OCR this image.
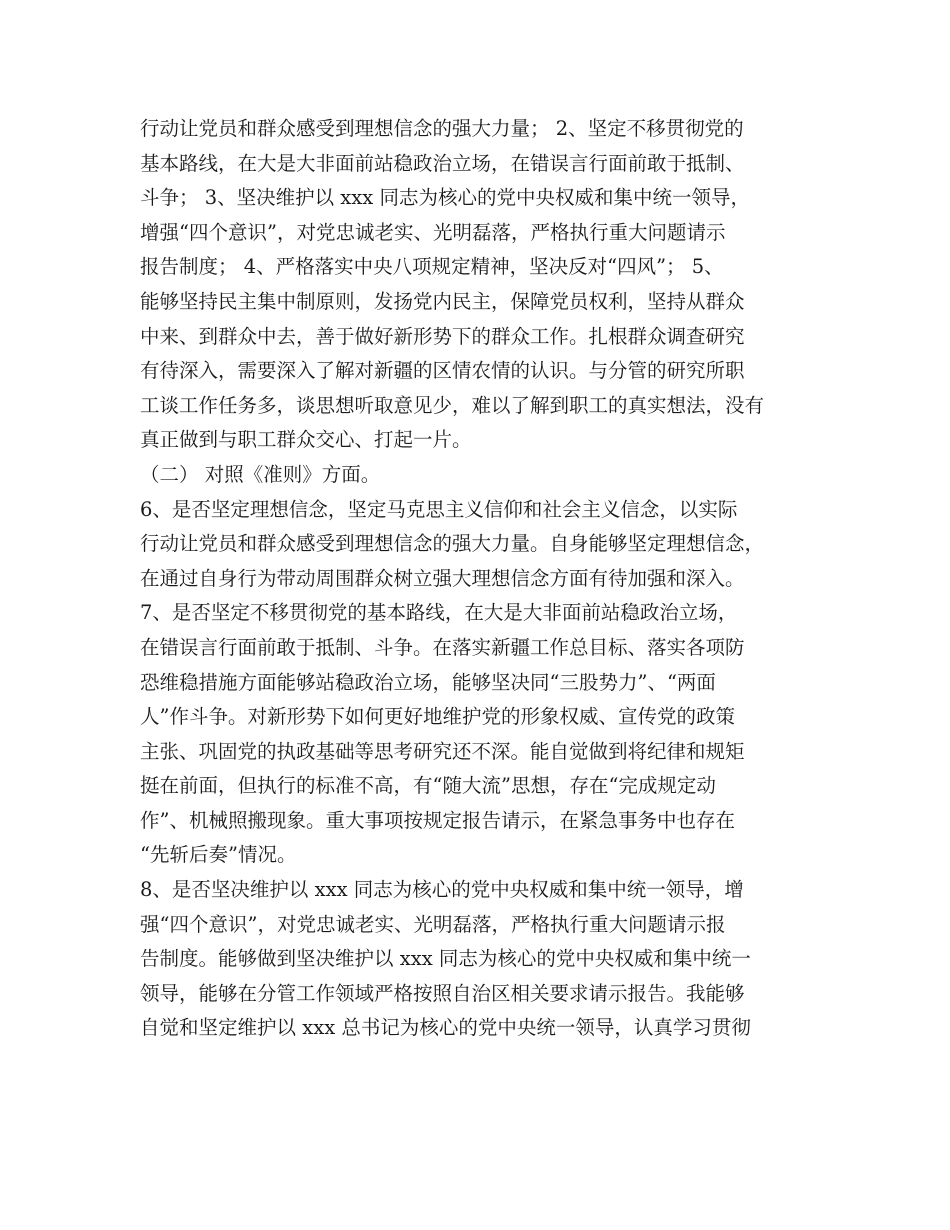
行动让党员和群众感受到理想信念的强大力量； 2、坚定不移贯彻党的
基本路线，在大是大非面前站稳政治立场，在错误言行面前敢于抵制、
斗争； 3、坚决维护以 xxx 同志为核心的党中央权威和集中统一领导，
增强“四个意识”，对党忠诚老实、光明磊落，严格执行重大问题请示
报告制度； 4、严格落实中央八项规定精神，坚决反对“四风”； 5、
能够坚持民主集中制原则，发扬党内民主，保障党员权利，坚持从群众
中来、到群众中去，善于做好新形势下的群众工作。扎根群众调查研究
有待深入，需要深入了解对新疆的区情农情的认识。与分管的研究所职
工谈工作任务多，谈思想听取意见少，难以了解到职工的真实想法，没有
真正做到与职工群众交心、打起一片。
（二） 对照《准则》方面。
6、是否坚定理想信念，坚定马克思主义信仰和社会主义信念，以实际
行动让党员和群众感受到理想信念的强大力量。自身能够坚定理想信念，
在通过自身行为带动周围群众树立强大理想信念方面有待加强和深入。
7、是否坚定不移贯彻党的基本路线，在大是大非面前站稳政治立场，
在错误言行面前敢于抵制、斗争。在落实新疆工作总目标、落实各项防
恐维稳措施方面能够站稳政治立场，能够坚决同“三股势力”、“两面
人”作斗争。对新形势下如何更好地维护党的形象权威、宣传党的政策
主张、巩固党的执政基础等思考研究还不深。能自觉做到将纪律和规矩
挺在前面，但执行的标准不高，有“随大流”思想，存在“完成规定动
作”、机械照搬现象。重大事项按规定报告请示，在紧急事务中也存在
“先斩后奏”情况。
8、是否坚决维护以 xxx 同志为核心的党中央权威和集中统一领导，增
强“四个意识”，对党忠诚老实、光明磊落，严格执行重大问题请示报
告制度。能够做到坚决维护以 xxx 同志为核心的党中央权威和集中统一
领导，能够在分管工作领域严格按照自治区相关要求请示报告。我能够
自觉和坚定维护以 xxx 总书记为核心的党中央统一领导，认真学习贯彻
